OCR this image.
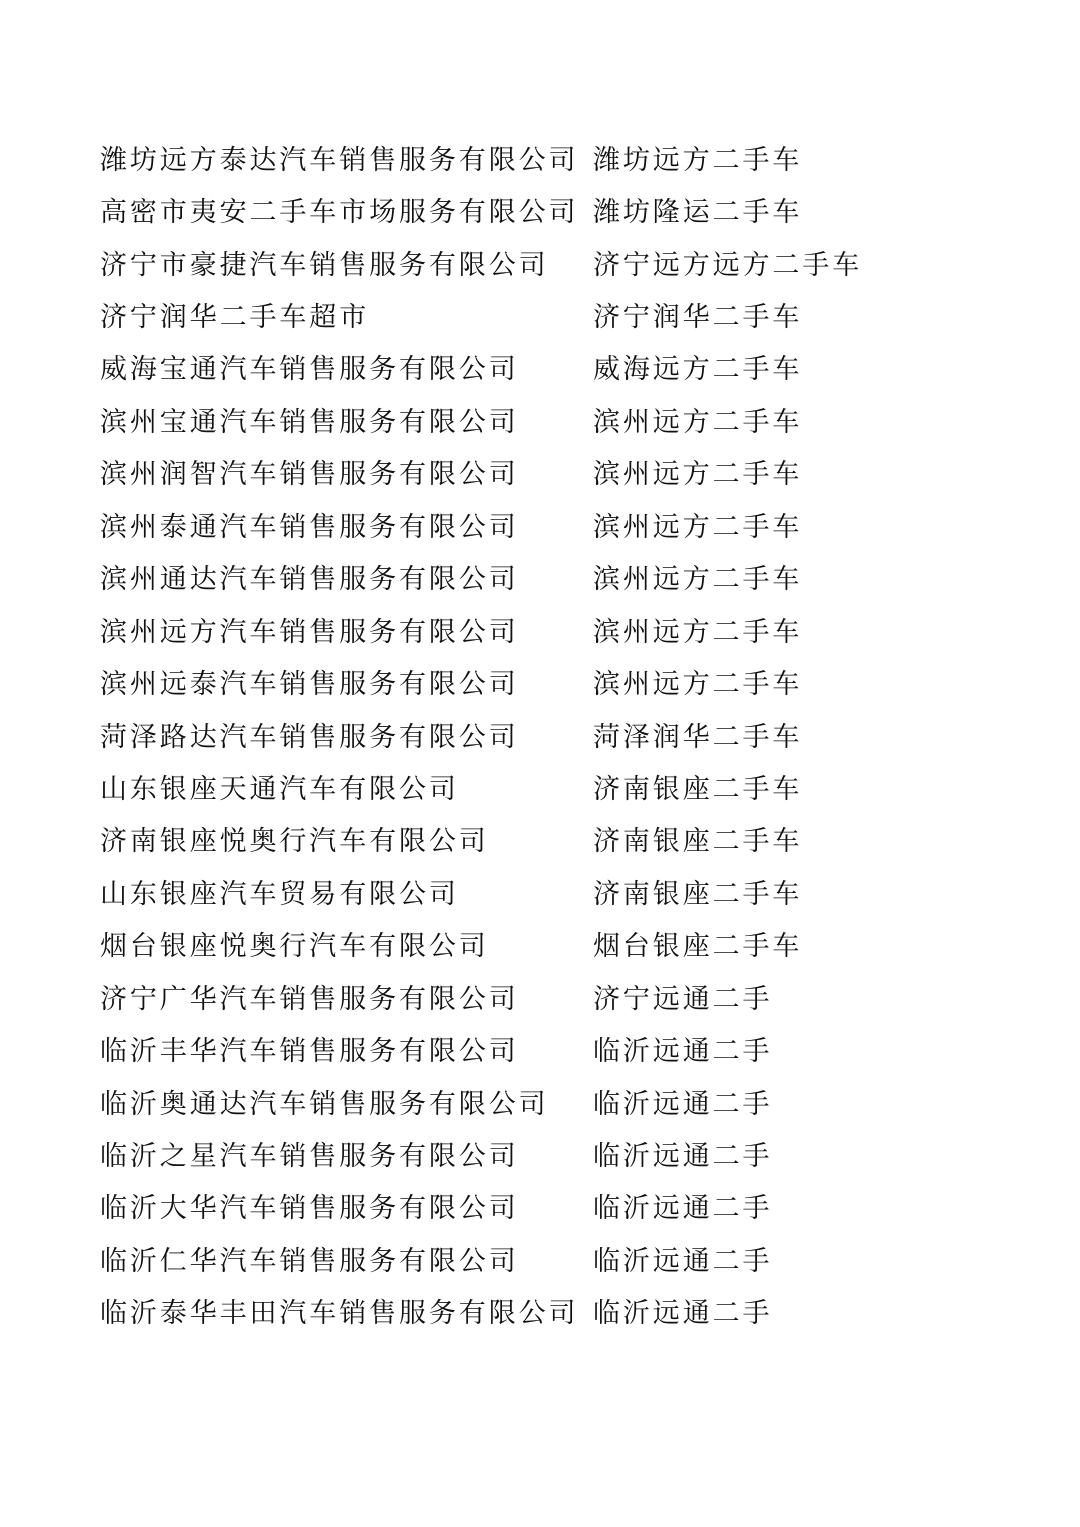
潍坊远方泰达汽车销售服务有限公司 潍坊远方二手车
高密市夷安二手车市场服务有限公司 潍坊隆运二手车
济宁市豪捷汽车销售服务有限公司	济宁远方远方二手车
济宁润华二手车超市	济宁润华二手车
威海宝通汽车销售服务有限公司	威海远方二手车
滨州宝通汽车销售服务有限公司	滨州远方二手车
滨州润智汽车销售服务有限公司	滨州远方二手车
滨州泰通汽车销售服务有限公司	滨州远方二手车
滨州通达汽车销售服务有限公司	滨州远方二手车
滨州远方汽车销售服务有限公司	滨州远方二手车
滨州远泰汽车销售服务有限公司	滨州远方二手车
菏泽路达汽车销售服务有限公司	菏泽润华二手车
山东银座天通汽车有限公司	济南银座二手车
济南银座悦奥行汽车有限公司	济南银座二手车
山东银座汽车贸易有限公司	济南银座二手车
烟台银座悦奥行汽车有限公司	烟台银座二手车
济宁广华汽车销售服务有限公司	济宁远通二手
临沂丰华汽车销售服务有限公司	临沂远通二手
临沂奥通达汽车销售服务有限公司	临沂远通二手
临沂之星汽车销售服务有限公司	临沂远通二手
临沂大华汽车销售服务有限公司	临沂远通二手
临沂仁华汽车销售服务有限公司	临沂远通二手
临沂泰华丰田汽车销售服务有限公司 临沂远通二手
